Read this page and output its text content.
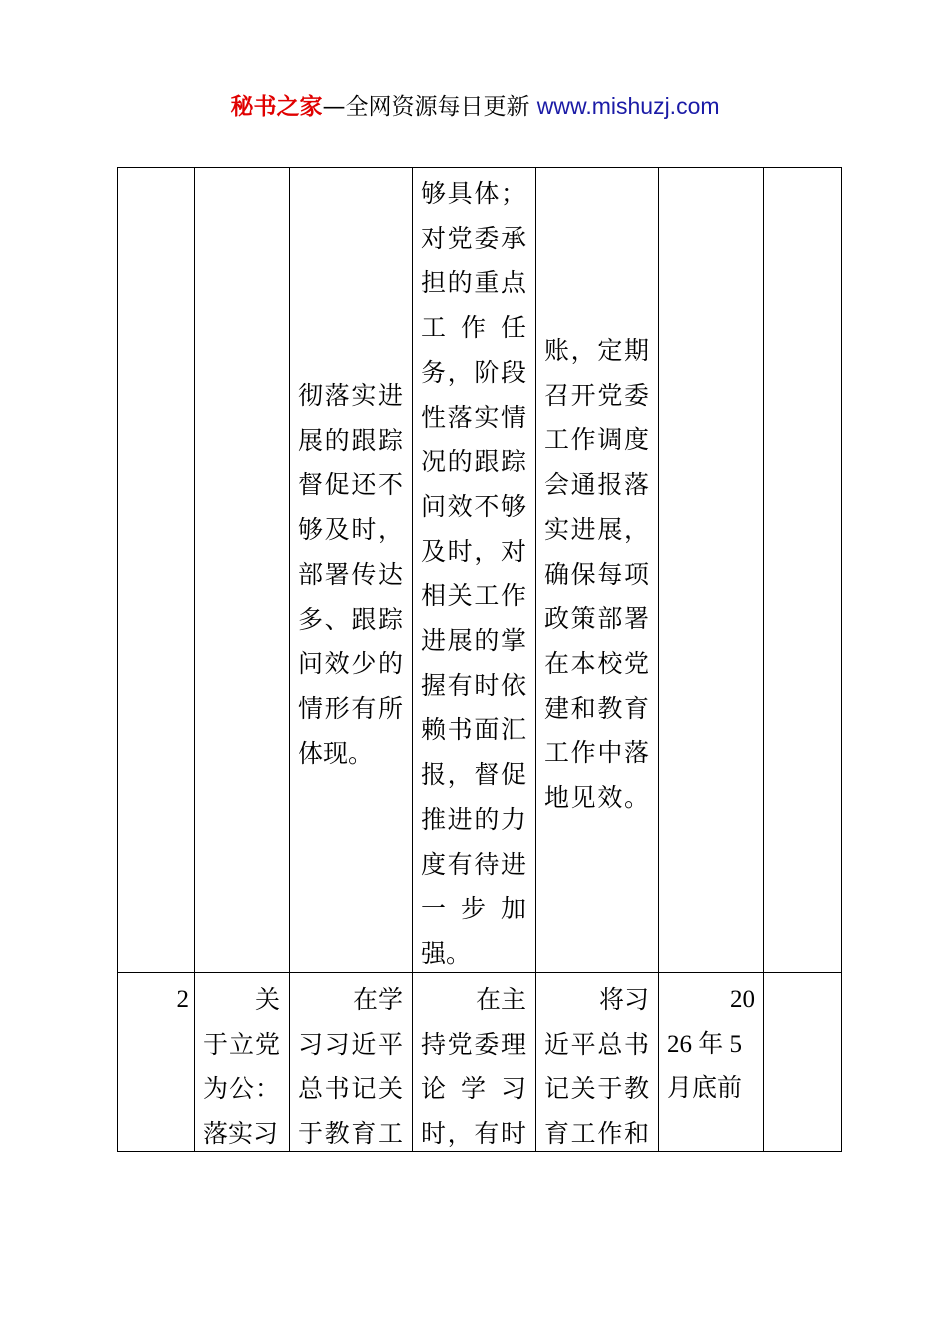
秘书之家—全网资源每日更新 www.mishuzj.com
彻落实进
展的跟踪
督促还不
够及时，
部署传达
多、跟踪
问效少的
情形有所
体现。
够具体；
对党委承
担的重点
工 作 任
务，阶段
性落实情
况的跟踪
问效不够
及时，对
相关工作
进展的掌
握有时依
赖书面汇
报，督促
推进的力
度有待进
一 步 加
强。
账，定期
召开党委
工作调度
会通报落
实进展，
确保每项
政策部署
在本校党
建和教育
工作中落
地见效。
2	关
于立党
为公：
落实习
在学
习习近平
总书记关
于教育工
在主
持党委理
论 学 习
时，有时
将习
近平总书
记关于教
育工作和
20
26 年 5
月底前
